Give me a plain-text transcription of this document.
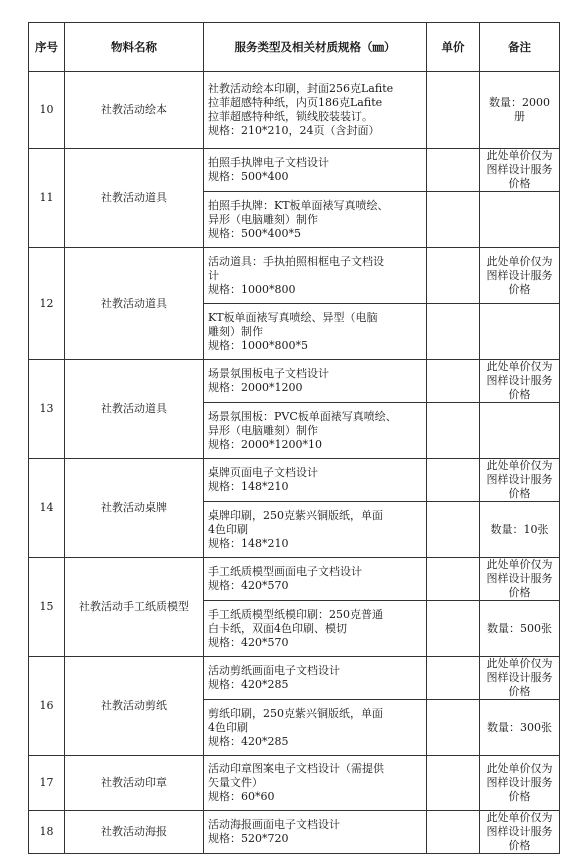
序号	物料名称	服务类型及相关材质规格（㎜）	单价	备注
10	社教活动绘本	社教活动绘本印刷，封面256克Lafite
拉菲超感特种纸，内页186克Lafite
拉菲超感特种纸，锁线胶装装订。
规格：210*210，24页（含封面）		数量：2000册
11	社教活动道具	拍照手执牌电子文档设计
规格：500*400		此处单价仅为图样设计服务价格

		拍照手执牌：KT板单面裱写真喷绘、
异形（电脑雕刻）制作
规格：500*400*5		

12	社教活动道具	活动道具：手执拍照相框电子文档设
计
规格：1000*800		此处单价仅为图样设计服务价格

		KT板单面裱写真喷绘、异型（电脑
雕刻）制作
规格：1000*800*5		

13	社教活动道具	场景氛围板电子文档设计
规格：2000*1200		此处单价仅为图样设计服务价格

		场景氛围板：PVC板单面裱写真喷绘、
异形（电脑雕刻）制作
规格：2000*1200*10		

14	社教活动桌牌	桌牌页面电子文档设计
规格：148*210		此处单价仅为图样设计服务价格

		桌牌印刷，250克紫兴铜版纸，单面
4色印刷
规格：148*210		数量：10张
15	社教活动手工纸质模型	手工纸质模型画面电子文档设计
规格：420*570		此处单价仅为图样设计服务价格

		手工纸质模型纸模印刷：250克普通
白卡纸，双面4色印刷、模切
规格：420*570		数量：500张
16	社教活动剪纸	活动剪纸画面电子文档设计
规格：420*285		此处单价仅为图样设计服务价格

		剪纸印刷，250克紫兴铜版纸，单面
4色印刷
规格：420*285		数量：300张
17	社教活动印章	活动印章图案电子文档设计（需提供
矢量文件）
规格：60*60		此处单价仅为图样设计服务价格
18	社教活动海报	活动海报画面电子文档设计
规格：520*720		此处单价仅为图样设计服务价格
